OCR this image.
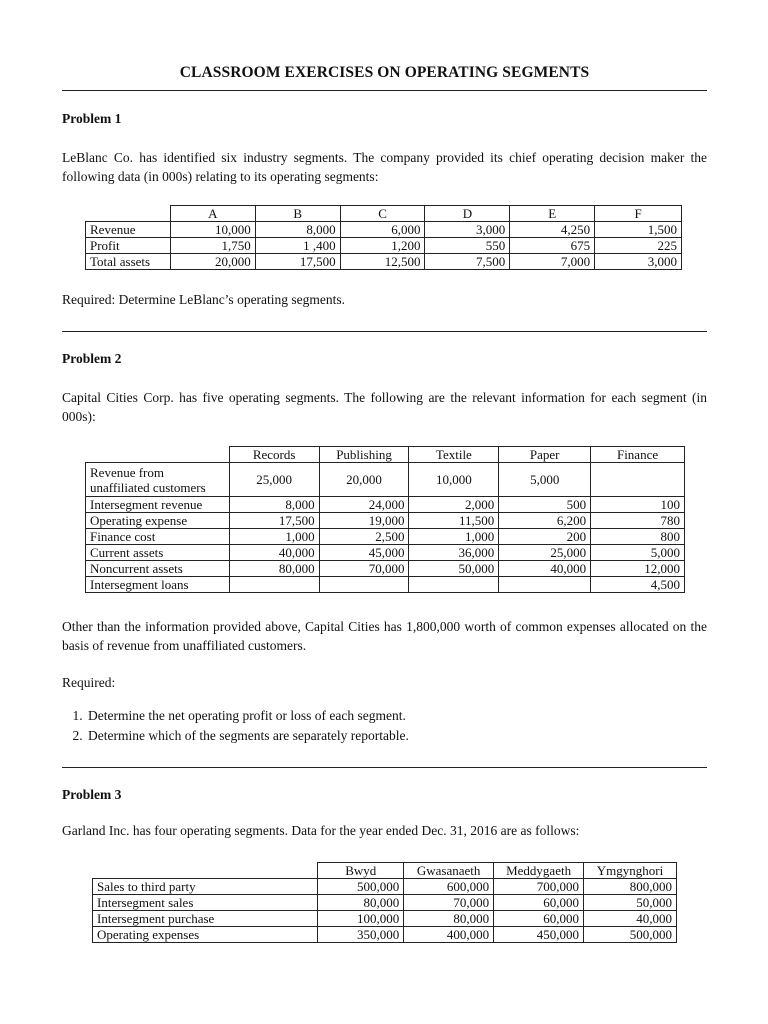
CLASSROOM EXERCISES ON OPERATING SEGMENTS
Problem 1
LeBlanc Co. has identified six industry segments. The company provided its chief operating decision maker the following data (in 000s) relating to its operating segments:
	A	B	C	D	E	F
Revenue	10,000	8,000	6,000	3,000	4,250	1,500
Profit	1,750	1 ,400	1,200	550	675	225
Total assets	20,000	17,500	12,500	7,500	7,000	3,000
Required: Determine LeBlanc’s operating segments.
Problem 2
Capital Cities Corp. has five operating segments. The following are the relevant information for each segment (in 000s):
	Records	Publishing	Textile	Paper	Finance
Revenue from unaffiliated customers	25,000	20,000	10,000	5,000	
Intersegment revenue	8,000	24,000	2,000	500	100
Operating expense	17,500	19,000	11,500	6,200	780
Finance cost	1,000	2,500	1,000	200	800
Current assets	40,000	45,000	36,000	25,000	5,000
Noncurrent assets	80,000	70,000	50,000	40,000	12,000
Intersegment loans					4,500
Other than the information provided above, Capital Cities has 1,800,000 worth of common expenses allocated on the basis of revenue from unaffiliated customers.
Required:
1. Determine the net operating profit or loss of each segment.
2. Determine which of the segments are separately reportable.
Problem 3
Garland Inc. has four operating segments. Data for the year ended Dec. 31, 2016 are as follows:
	Bwyd	Gwasanaeth	Meddygaeth	Ymgynghori
Sales to third party	500,000	600,000	700,000	800,000
Intersegment sales	80,000	70,000	60,000	50,000
Intersegment purchase	100,000	80,000	60,000	40,000
Operating expenses	350,000	400,000	450,000	500,000
